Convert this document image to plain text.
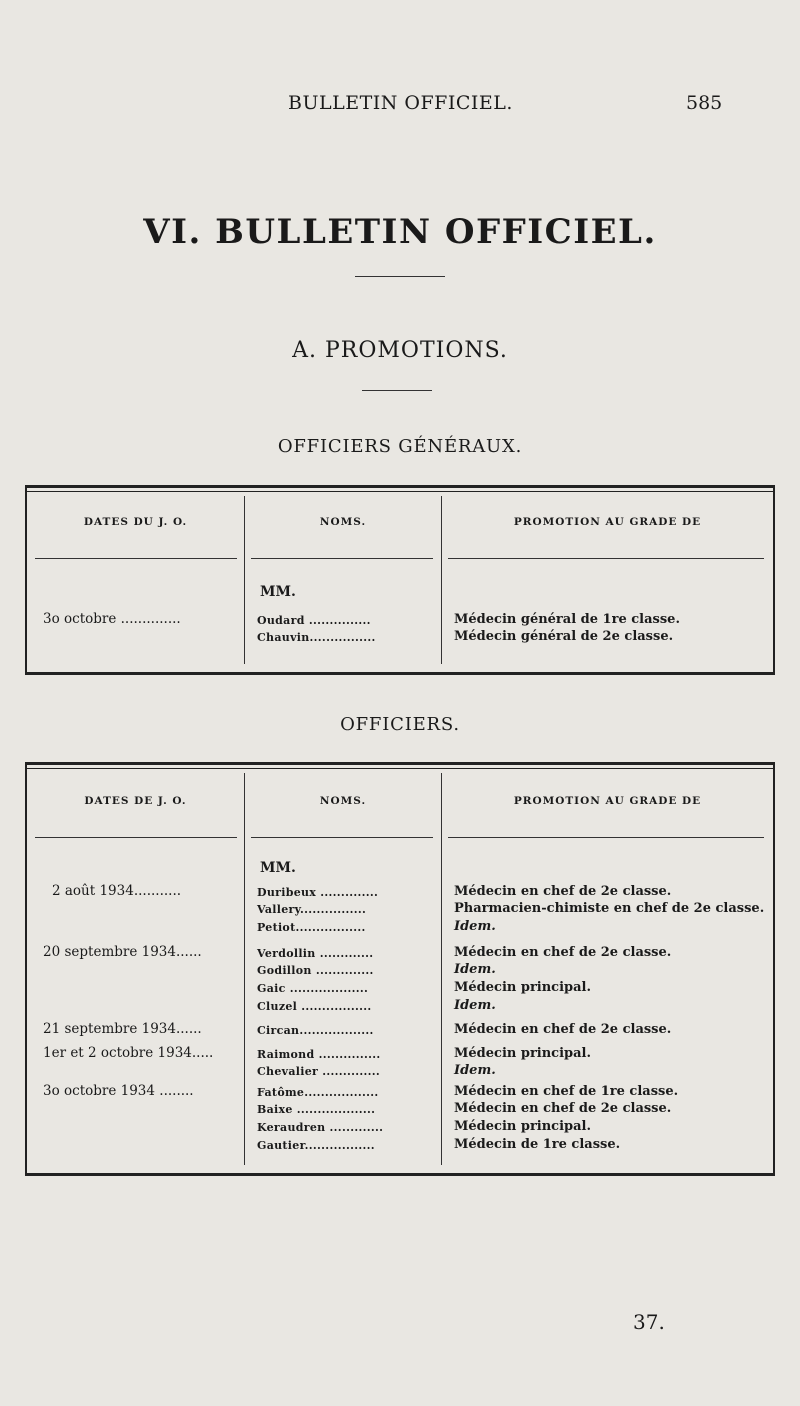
BULLETIN OFFICIEL.	585
VI. BULLETIN OFFICIEL.
A. PROMOTIONS.
OFFICIERS GÉNÉRAUX.
DATES DU J. O.	NOMS.	PROMOTION AU GRADE DE
MM.
3o octobre ..............	Oudard ...............	Médecin général de 1re classe.
Chauvin................	Médecin général de 2e classe.
OFFICIERS.
DATES DE J. O.	NOMS.	PROMOTION AU GRADE DE
MM.
2 août 1934...........	Duribeux ..............	Médecin en chef de 2e classe.
Vallery................	Pharmacien-chimiste en chef de 2e classe.
Petiot.................	Idem.
20 septembre 1934......	Verdollin .............	Médecin en chef de 2e classe.
Godillon ..............	Idem.
Gaic ...................	Médecin principal.
Cluzel .................	Idem.
21 septembre 1934......	Circan..................	Médecin en chef de 2e classe.
1er et 2 octobre 1934.....	Raimond ...............	Médecin principal.
Chevalier ..............	Idem.
3o octobre 1934 ........	Fatôme..................	Médecin en chef de 1re classe.
Baixe ...................	Médecin en chef de 2e classe.
Keraudren .............	Médecin principal.
Gautier.................	Médecin de 1re classe.
37.
